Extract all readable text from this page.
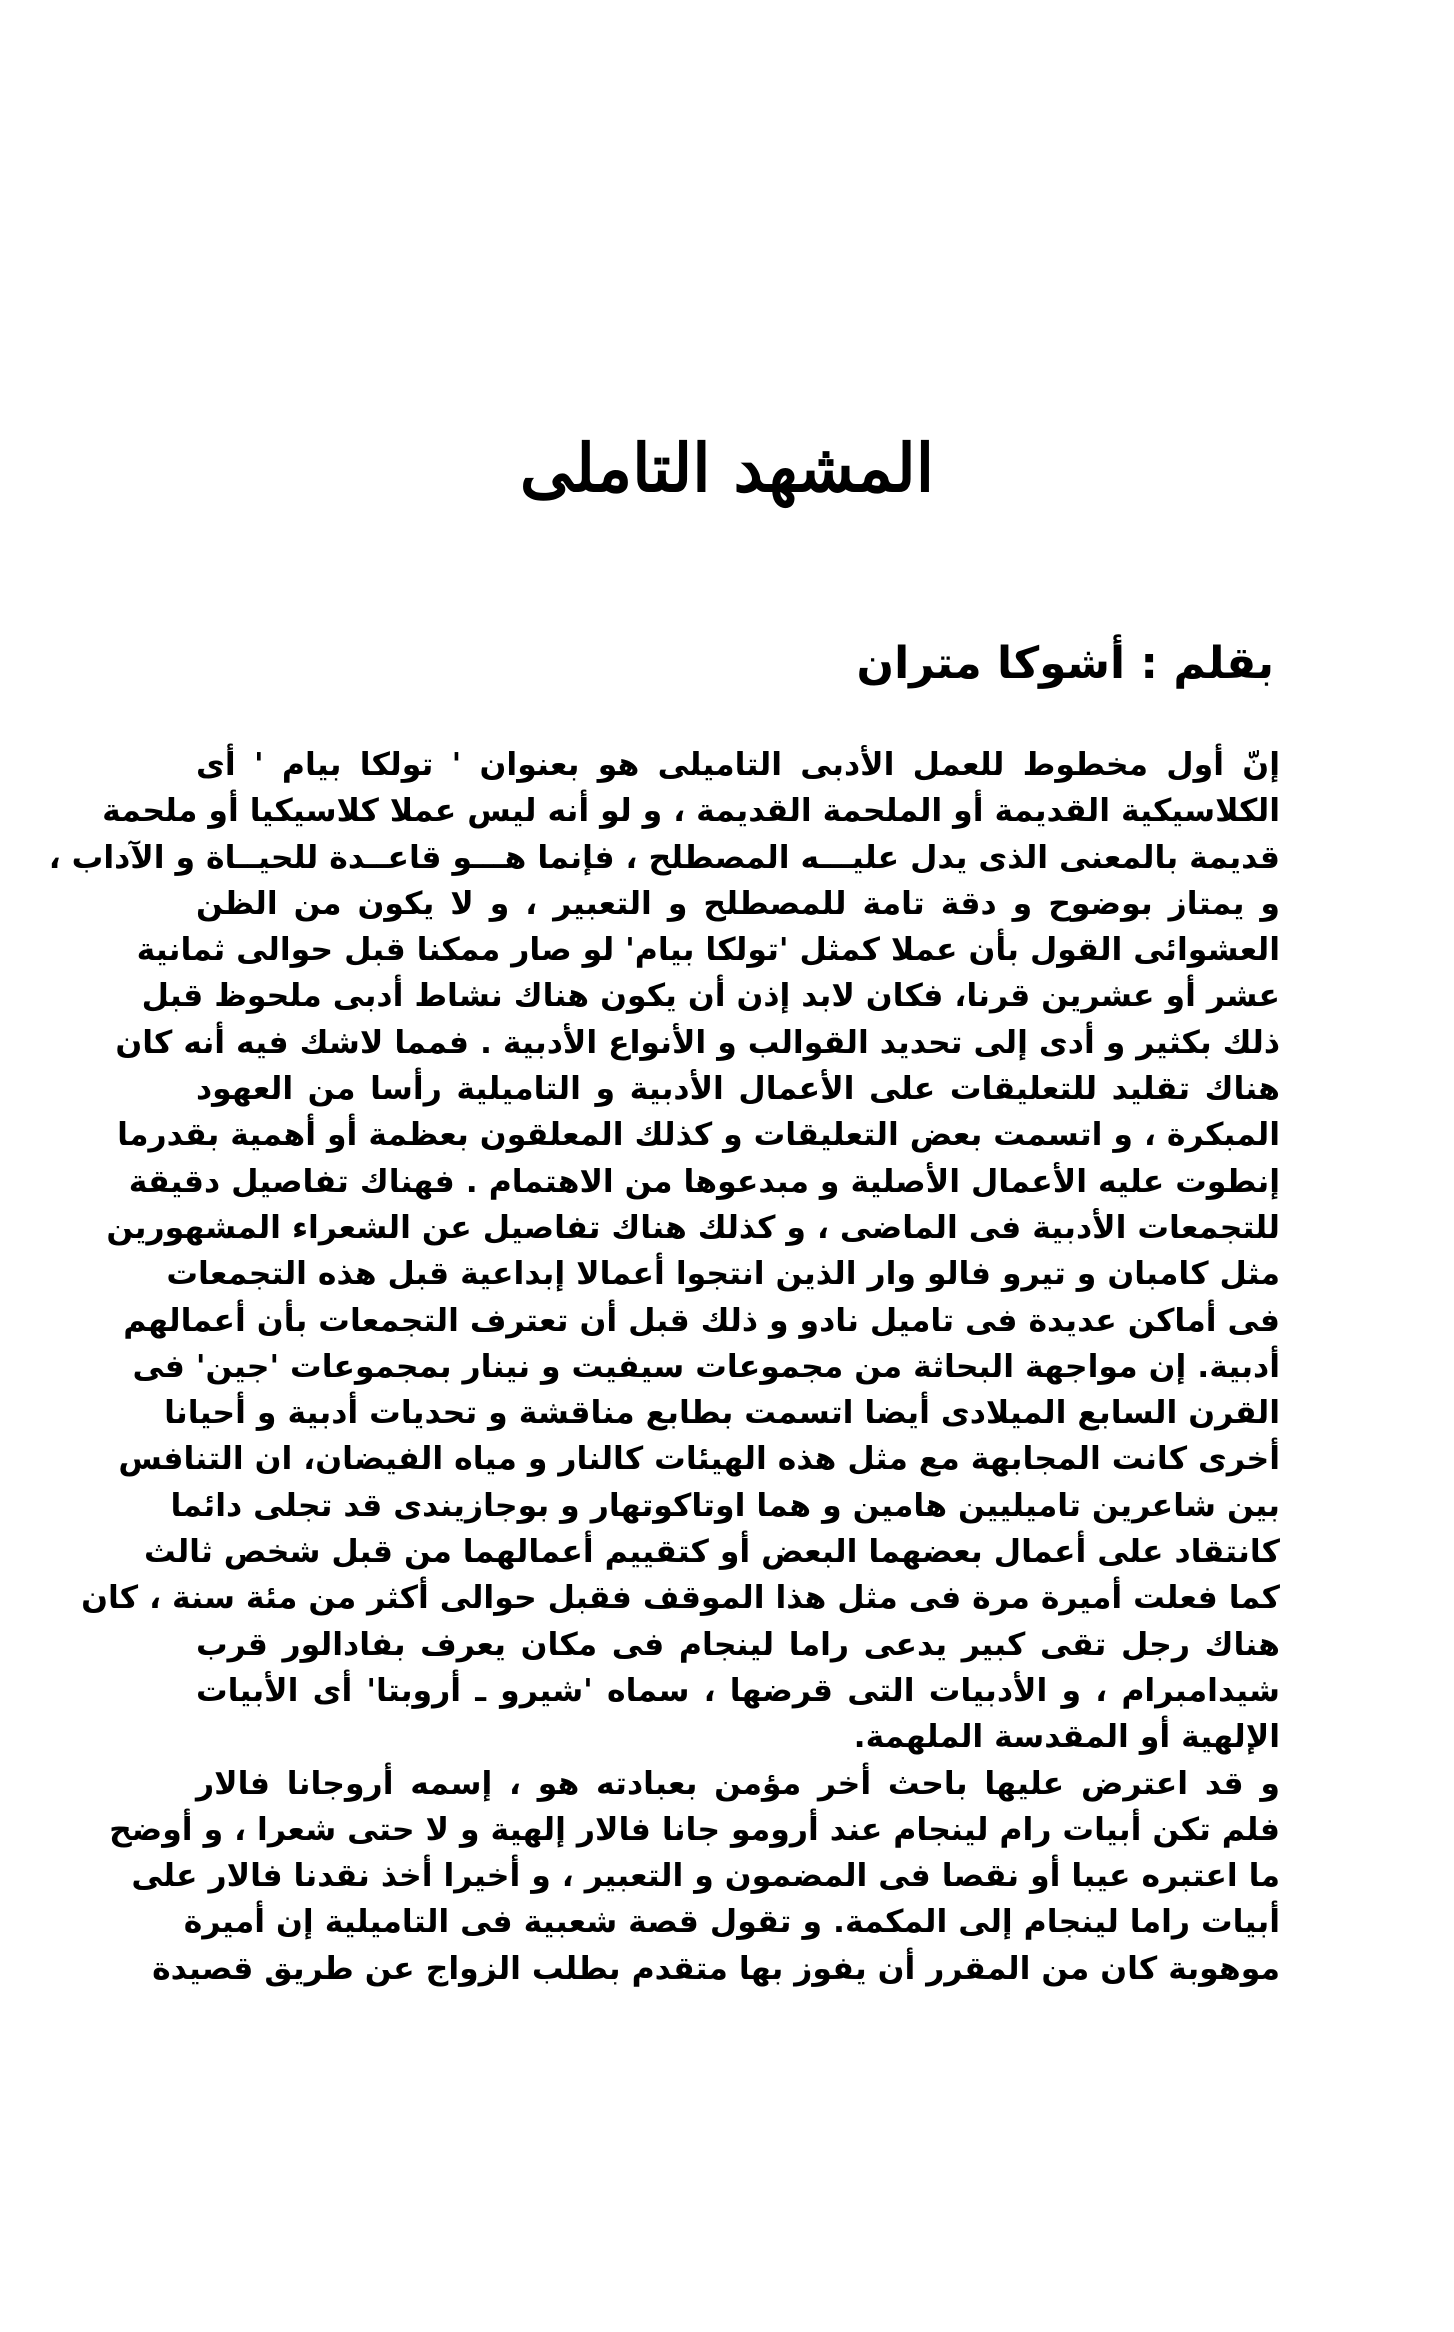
المشهد التاملى
بقلم : أشوكا متران
إنّ أول مخطوط للعمل الأدبى التاميلى هو بعنوان ' تولكا بيام ' أى
الكلاسيكية القديمة أو الملحمة القديمة ، و لو أنه ليس عملا كلاسيكيا أو ملحمة
قديمة بالمعنى الذى يدل عليـــه المصطلح ، فإنما هـــو قاعــدة للحيــاة و الآداب ،
و يمتاز بوضوح و دقة تامة للمصطلح و التعبير ، و لا يكون من الظن
العشوائى القول بأن عملا كمثل 'تولكا بيام' لو صار ممكنا قبل حوالى ثمانية
عشر أو عشرين قرنا، فكان لابد إذن أن يكون هناك نشاط أدبى ملحوظ قبل
ذلك بكثير و أدى إلى تحديد القوالب و الأنواع الأدبية . فمما لاشك فيه أنه كان
هناك تقليد للتعليقات على الأعمال الأدبية و التاميلية رأسا من العهود
المبكرة ، و اتسمت بعض التعليقات و كذلك المعلقون بعظمة أو أهمية بقدرما
إنطوت عليه الأعمال الأصلية و مبدعوها من الاهتمام . فهناك تفاصيل دقيقة
للتجمعات الأدبية فى الماضى ، و كذلك هناك تفاصيل عن الشعراء المشهورين
مثل كامبان و تيرو فالو وار الذين انتجوا أعمالا إبداعية قبل هذه التجمعات
فى أماكن عديدة فى تاميل نادو و ذلك قبل أن تعترف التجمعات بأن أعمالهم
أدبية. إن مواجهة البحاثة من مجموعات سيفيت و نينار بمجموعات 'جين' فى
القرن السابع الميلادى أيضا اتسمت بطابع مناقشة و تحديات أدبية و أحيانا
أخرى كانت المجابهة مع مثل هذه الهيئات كالنار و مياه الفيضان، ان التنافس
بين شاعرين تاميليين هامين و هما اوتاكوتهار و بوجازيندى قد تجلى دائما
كانتقاد على أعمال بعضهما البعض أو كتقييم أعمالهما من قبل شخص ثالث
كما فعلت أميرة مرة فى مثل هذا الموقف فقبل حوالى أكثر من مئة سنة ، كان
هناك رجل تقى كبير يدعى راما لينجام فى مكان يعرف بفادالور قرب
شيدامبرام ، و الأدبيات التى قرضها ، سماه 'شيرو ـ أروبتا' أى الأبيات
الإلهية أو المقدسة الملهمة.
و قد اعترض عليها باحث أخر مؤمن بعبادته هو ، إسمه أروجانا فالار
فلم تكن أبيات رام لينجام عند أرومو جانا فالار إلهية و لا حتى شعرا ، و أوضح
ما اعتبره عيبا أو نقصا فى المضمون و التعبير ، و أخيرا أخذ نقدنا فالار على
أبيات راما لينجام إلى المكمة. و تقول قصة شعبية فى التاميلية إن أميرة
موهوبة كان من المقرر أن يفوز بها متقدم بطلب الزواج عن طريق قصيدة
